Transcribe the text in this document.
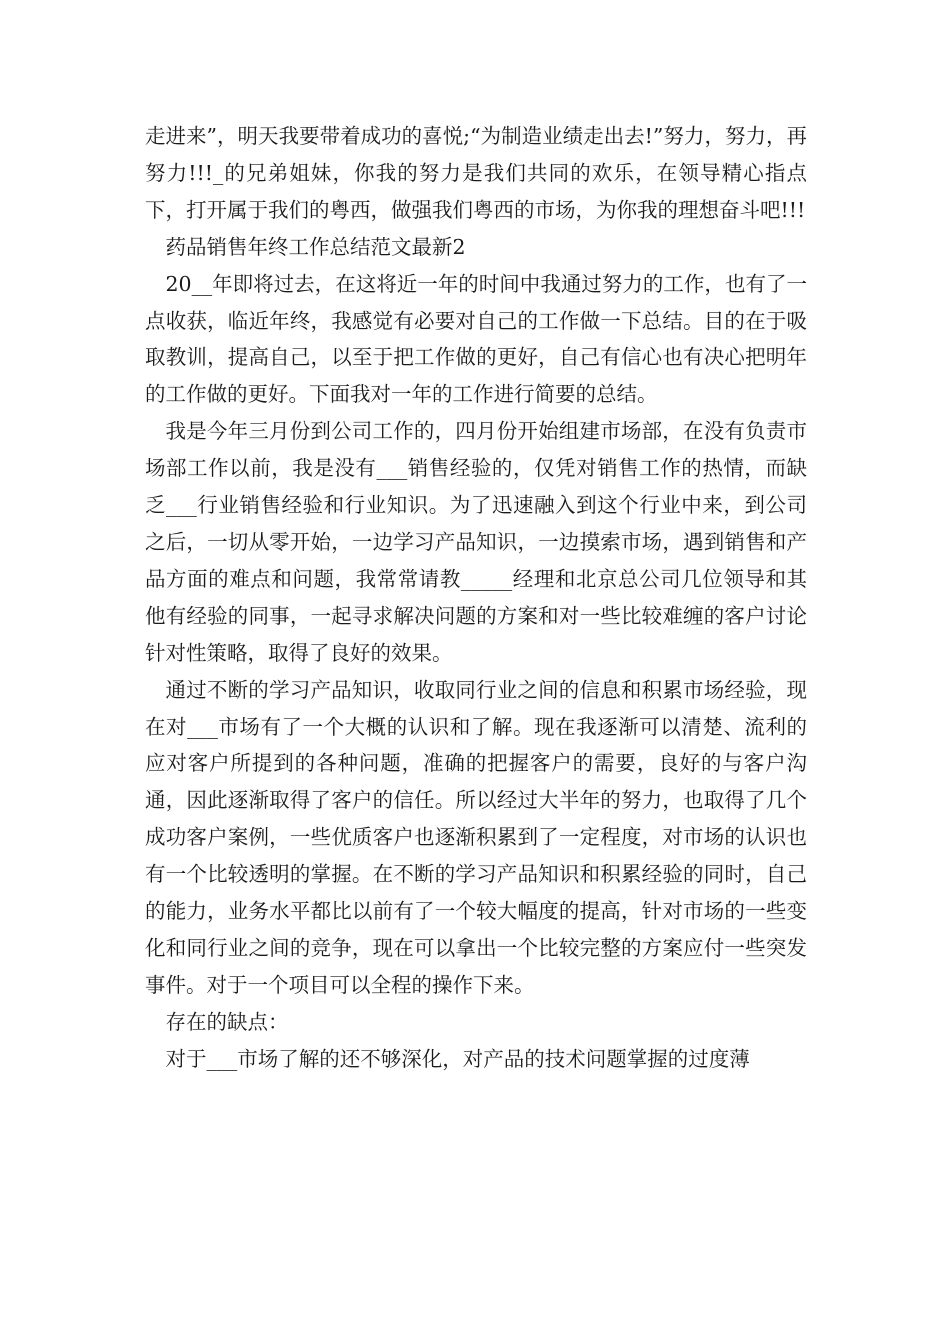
走进来”，明天我要带着成功的喜悦;“为制造业绩走出去!”努力，努力，再努力!!!_的兄弟姐妹，你我的努力是我们共同的欢乐，在领导精心指点下，打开属于我们的粤西，做强我们粤西的市场，为你我的理想奋斗吧!!!

药品销售年终工作总结范文最新2

20__年即将过去，在这将近一年的时间中我通过努力的工作，也有了一点收获，临近年终，我感觉有必要对自己的工作做一下总结。目的在于吸取教训，提高自己，以至于把工作做的更好，自己有信心也有决心把明年的工作做的更好。下面我对一年的工作进行简要的总结。

我是今年三月份到公司工作的，四月份开始组建市场部，在没有负责市场部工作以前，我是没有___销售经验的，仅凭对销售工作的热情，而缺乏___行业销售经验和行业知识。为了迅速融入到这个行业中来，到公司之后，一切从零开始，一边学习产品知识，一边摸索市场，遇到销售和产品方面的难点和问题，我常常请教_____经理和北京总公司几位领导和其他有经验的同事，一起寻求解决问题的方案和对一些比较难缠的客户讨论针对性策略，取得了良好的效果。

通过不断的学习产品知识，收取同行业之间的信息和积累市场经验，现在对___市场有了一个大概的认识和了解。现在我逐渐可以清楚、流利的应对客户所提到的各种问题，准确的把握客户的需要，良好的与客户沟通，因此逐渐取得了客户的信任。所以经过大半年的努力，也取得了几个成功客户案例，一些优质客户也逐渐积累到了一定程度，对市场的认识也有一个比较透明的掌握。在不断的学习产品知识和积累经验的同时，自己的能力，业务水平都比以前有了一个较大幅度的提高，针对市场的一些变化和同行业之间的竞争，现在可以拿出一个比较完整的方案应付一些突发事件。对于一个项目可以全程的操作下来。

存在的缺点：

对于___市场了解的还不够深化，对产品的技术问题掌握的过度薄
